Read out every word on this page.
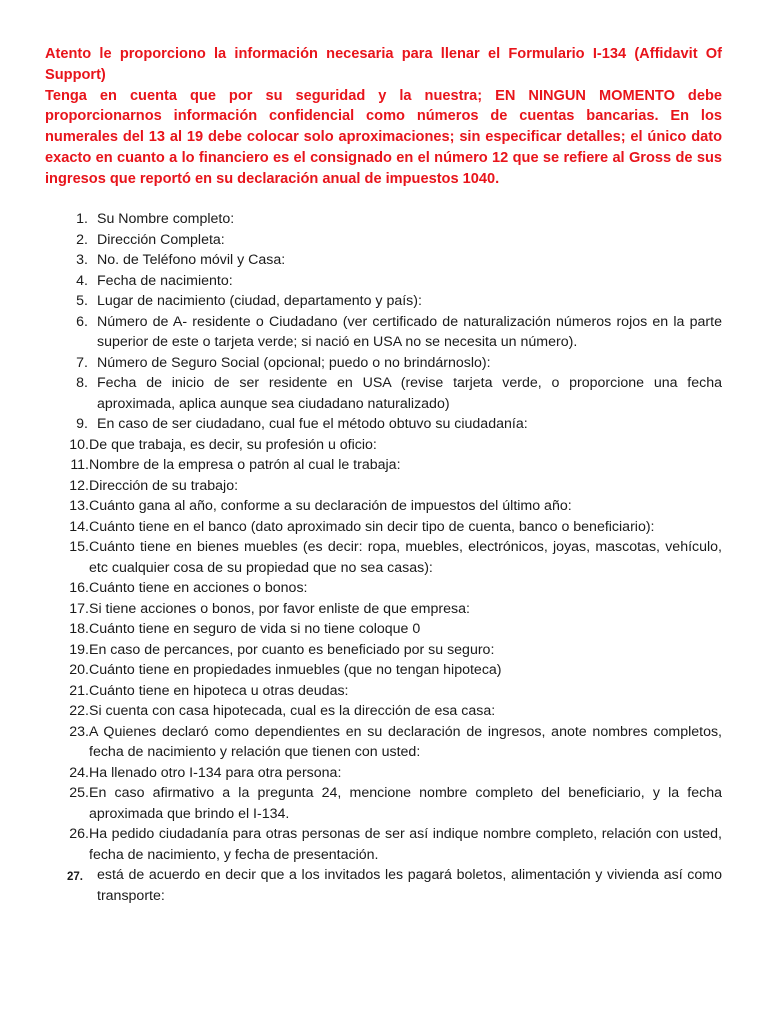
Atento le proporciono la información necesaria para llenar el Formulario I-134 (Affidavit Of Support)

Tenga en cuenta que por su seguridad y la nuestra; EN NINGUN MOMENTO debe proporcionarnos información confidencial como números de cuentas bancarias. En los numerales del 13 al 19 debe colocar solo aproximaciones; sin especificar detalles; el único dato exacto en cuanto a lo financiero es el consignado en el número 12 que se refiere al Gross de sus ingresos que reportó en su declaración anual de impuestos 1040.

1. Su Nombre completo:
2. Dirección Completa:
3. No. de Teléfono móvil y Casa:
4. Fecha de nacimiento:
5. Lugar de nacimiento (ciudad, departamento y país):
6. Número de A- residente o Ciudadano (ver certificado de naturalización números rojos en la parte superior de este o tarjeta verde; si nació en USA no se necesita un número).
7. Número de Seguro Social (opcional; puedo o no brindárnoslo):
8. Fecha de inicio de ser residente en USA (revise tarjeta verde, o proporcione una fecha aproximada, aplica aunque sea ciudadano naturalizado)
9. En caso de ser ciudadano, cual fue el método obtuvo su ciudadanía:
10. De que trabaja, es decir, su profesión u oficio:
11. Nombre de la empresa o patrón al cual le trabaja:
12. Dirección de su trabajo:
13. Cuánto gana al año, conforme a su declaración de impuestos del último año:
14. Cuánto tiene en el banco (dato aproximado sin decir tipo de cuenta, banco o beneficiario):
15. Cuánto tiene en bienes muebles (es decir: ropa, muebles, electrónicos, joyas, mascotas, vehículo, etc cualquier cosa de su propiedad que no sea casas):
16. Cuánto tiene en acciones o bonos:
17. Si tiene acciones o bonos, por favor enliste de que empresa:
18. Cuánto tiene en seguro de vida si no tiene coloque 0
19. En caso de percances, por cuanto es beneficiado por su seguro:
20. Cuánto tiene en propiedades inmuebles (que no tengan hipoteca)
21. Cuánto tiene en hipoteca u otras deudas:
22. Si cuenta con casa hipotecada, cual es la dirección de esa casa:
23. A Quienes declaró como dependientes en su declaración de ingresos, anote nombres completos, fecha de nacimiento y relación que tienen con usted:
24. Ha llenado otro I-134 para otra persona:
25. En caso afirmativo a la pregunta 24, mencione nombre completo del beneficiario, y la fecha aproximada que brindo el I-134.
26. Ha pedido ciudadanía para otras personas de ser así indique nombre completo, relación con usted, fecha de nacimiento, y fecha de presentación.
27. está de acuerdo en decir que a los invitados les pagará boletos, alimentación y vivienda así como transporte:
